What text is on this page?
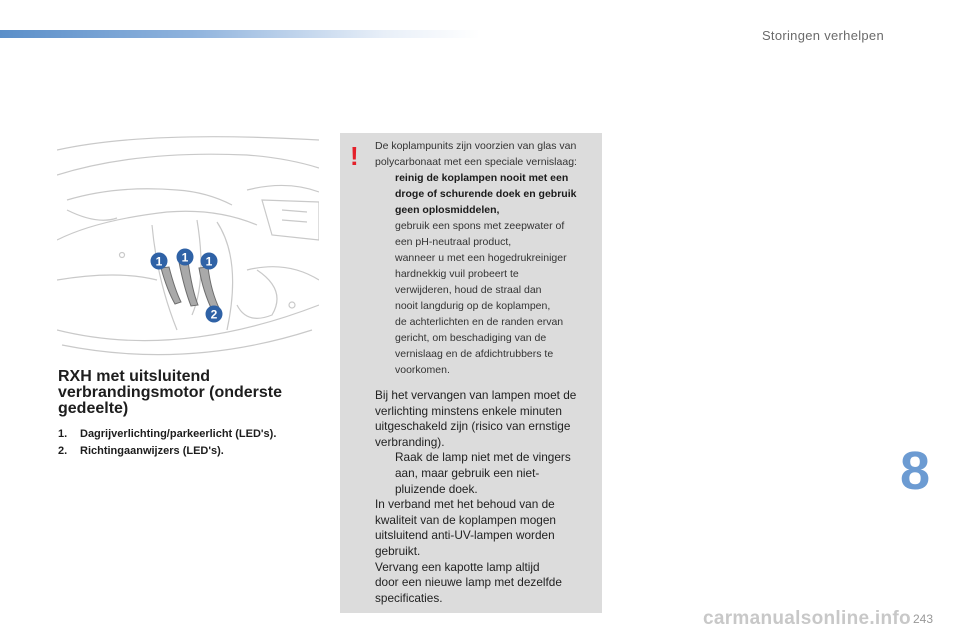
Storingen verhelpen
1 1 1
2
RXH met uitsluitend
verbrandingsmotor (onderste
gedeelte)
1.	Dagrijverlichting/parkeerlicht (LED's).
2.	Richtingaanwijzers (LED's).
! De koplampunits zijn voorzien van glas van
polycarbonaat met een speciale vernislaag:
reinig de koplampen nooit met een
droge of schurende doek en gebruik
geen oplosmiddelen,
gebruik een spons met zeepwater of
een pH-neutraal product,
wanneer u met een hogedrukreiniger
hardnekkig vuil probeert te
verwijderen, houd de straal dan
nooit langdurig op de koplampen,
de achterlichten en de randen ervan
gericht, om beschadiging van de
vernislaag en de afdichtrubbers te
voorkomen.
Bij het vervangen van lampen moet de
verlichting minstens enkele minuten
uitgeschakeld zijn (risico van ernstige
verbranding).
Raak de lamp niet met de vingers
aan, maar gebruik een niet-
pluizende doek.
In verband met het behoud van de
kwaliteit van de koplampen mogen
uitsluitend anti-UV-lampen worden
gebruikt.
Vervang een kapotte lamp altijd
door een nieuwe lamp met dezelfde
specificaties.
8
243
carmanualsonline.info
